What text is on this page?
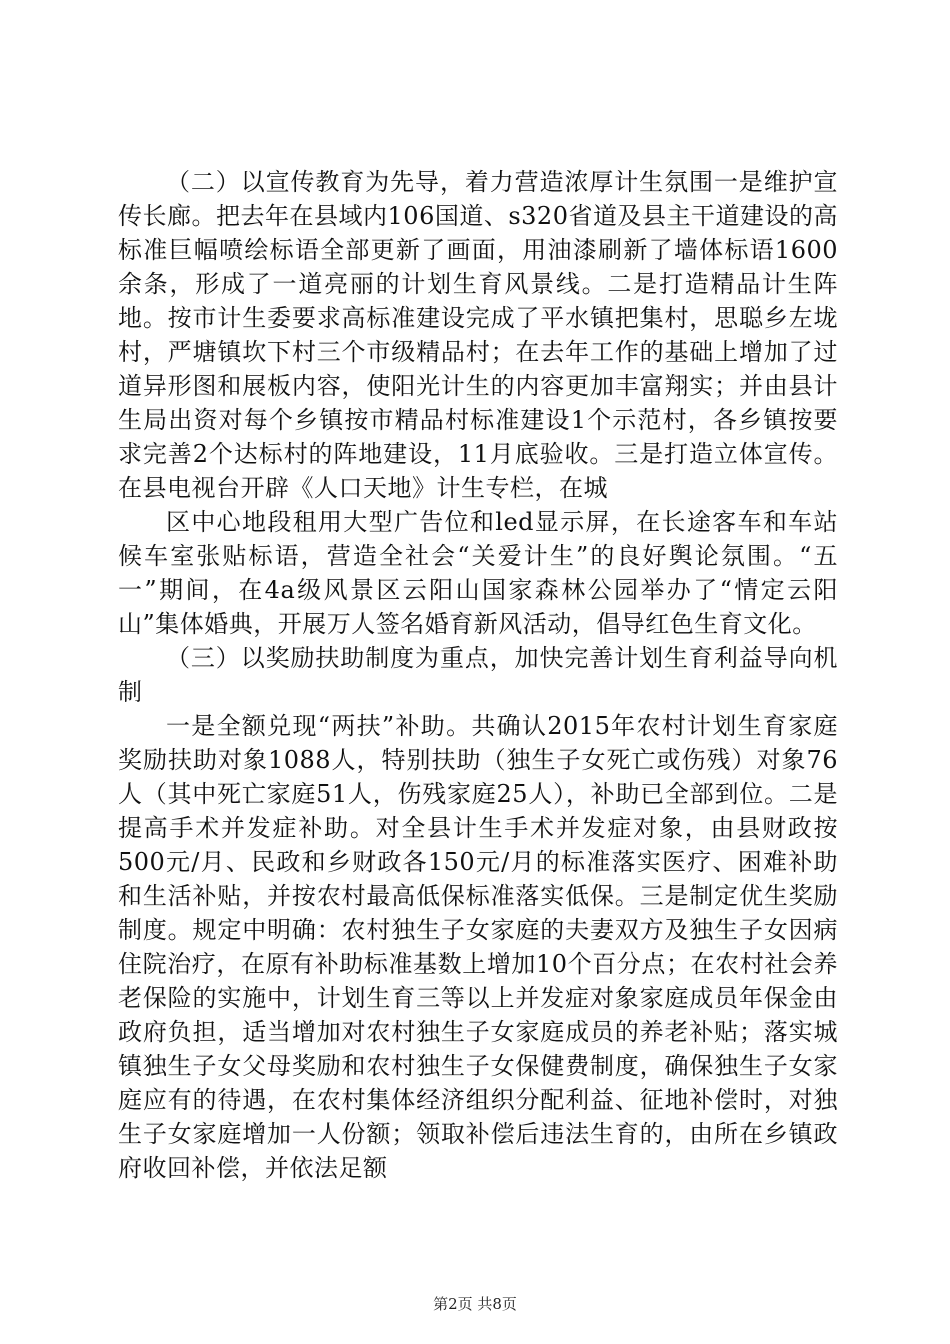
（二）以宣传教育为先导，着力营造浓厚计生氛围一是维护宣传长廊。把去年在县域内106国道、s320省道及县主干道建设的高标准巨幅喷绘标语全部更新了画面，用油漆刷新了墙体标语1600余条，形成了一道亮丽的计划生育风景线。二是打造精品计生阵地。按市计生委要求高标准建设完成了平水镇把集村，思聪乡左垅村，严塘镇坎下村三个市级精品村；在去年工作的基础上增加了过道异形图和展板内容，使阳光计生的内容更加丰富翔实；并由县计生局出资对每个乡镇按市精品村标准建设1个示范村，各乡镇按要求完善2个达标村的阵地建设，11月底验收。三是打造立体宣传。在县电视台开辟《人口天地》计生专栏，在城

区中心地段租用大型广告位和led显示屏，在长途客车和车站候车室张贴标语，营造全社会“关爱计生”的良好舆论氛围。“五一”期间，在4a级风景区云阳山国家森林公园举办了“情定云阳山”集体婚典，开展万人签名婚育新风活动，倡导红色生育文化。

（三）以奖励扶助制度为重点，加快完善计划生育利益导向机制

一是全额兑现“两扶”补助。共确认2015年农村计划生育家庭奖励扶助对象1088人，特别扶助（独生子女死亡或伤残）对象76人（其中死亡家庭51人，伤残家庭25人），补助已全部到位。二是提高手术并发症补助。对全县计生手术并发症对象，由县财政按500元/月、民政和乡财政各150元/月的标准落实医疗、困难补助和生活补贴，并按农村最高低保标准落实低保。三是制定优生奖励制度。规定中明确：农村独生子女家庭的夫妻双方及独生子女因病住院治疗，在原有补助标准基数上增加10个百分点；在农村社会养老保险的实施中，计划生育三等以上并发症对象家庭成员年保金由政府负担，适当增加对农村独生子女家庭成员的养老补贴；落实城镇独生子女父母奖励和农村独生子女保健费制度，确保独生子女家庭应有的待遇，在农村集体经济组织分配利益、征地补偿时，对独生子女家庭增加一人份额；领取补偿后违法生育的，由所在乡镇政府收回补偿，并依法足额

第2页 共8页
